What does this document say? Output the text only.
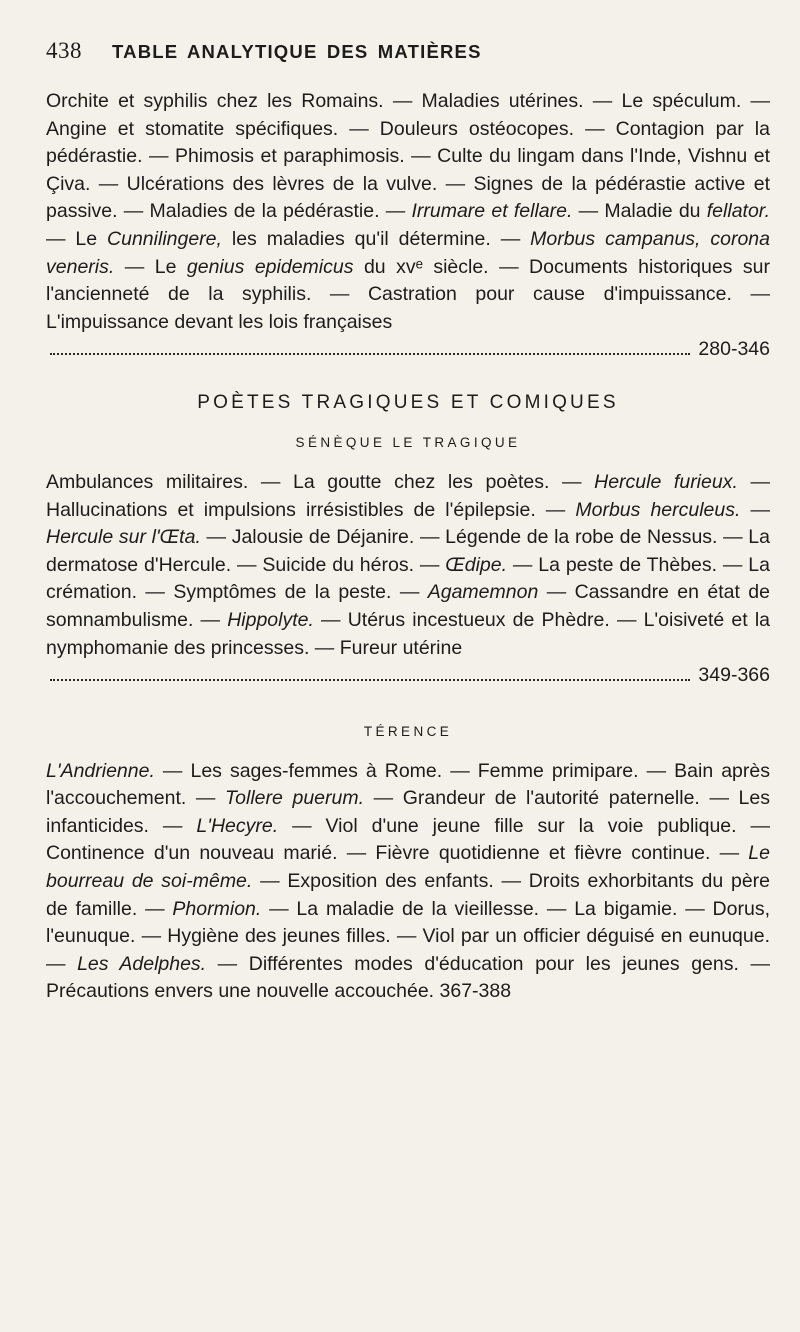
438	TABLE ANALYTIQUE DES MATIÈRES

Orchite et syphilis chez les Romains. — Maladies utérines. — Le spéculum. — Angine et stomatite spécifiques. — Douleurs ostéocopes. — Contagion par la pédérastie. — Phimosis et paraphimosis. — Culte du lingam dans l'Inde, Vishnu et Çiva. — Ulcérations des lèvres de la vulve. — Signes de la pédérastie active et passive. — Maladies de la pédérastie. — Irrumare et fellare. — Maladie du fellator. — Le Cunnilingere, les maladies qu'il détermine. — Morbus campanus, corona veneris. — Le genius epidemicus du xvᵉ siècle. — Documents historiques sur l'ancienneté de la syphilis. — Castration pour cause d'impuissance. — L'impuissance devant les lois françaises

280-346
POÈTES TRAGIQUES ET COMIQUES
SÉNÈQUE LE TRAGIQUE

Ambulances militaires. — La goutte chez les poètes. — Hercule furieux. — Hallucinations et impulsions irrésistibles de l'épilepsie. — Morbus herculeus. — Hercule sur l'Œta. — Jalousie de Déjanire. — Légende de la robe de Nessus. — La dermatose d'Hercule. — Suicide du héros. — Œdipe. — La peste de Thèbes. — La crémation. — Symptômes de la peste. — Agamemnon — Cassandre en état de somnambulisme. — Hippolyte. — Utérus incestueux de Phèdre. — L'oisiveté et la nymphomanie des princesses. — Fureur utérine

349-366
TÉRENCE

L'Andrienne. — Les sages-femmes à Rome. — Femme primipare. — Bain après l'accouchement. — Tollere puerum. — Grandeur de l'autorité paternelle. — Les infanticides. — L'Hecyre. — Viol d'une jeune fille sur la voie publique. — Continence d'un nouveau marié. — Fièvre quotidienne et fièvre continue. — Le bourreau de soi-même. — Exposition des enfants. — Droits exhorbitants du père de famille. — Phormion. — La maladie de la vieillesse. — La bigamie. — Dorus, l'eunuque. — Hygiène des jeunes filles. — Viol par un officier déguisé en eunuque. — Les Adelphes. — Différentes modes d'éducation pour les jeunes gens. — Précautions envers une nouvelle accouchée. 367-388
